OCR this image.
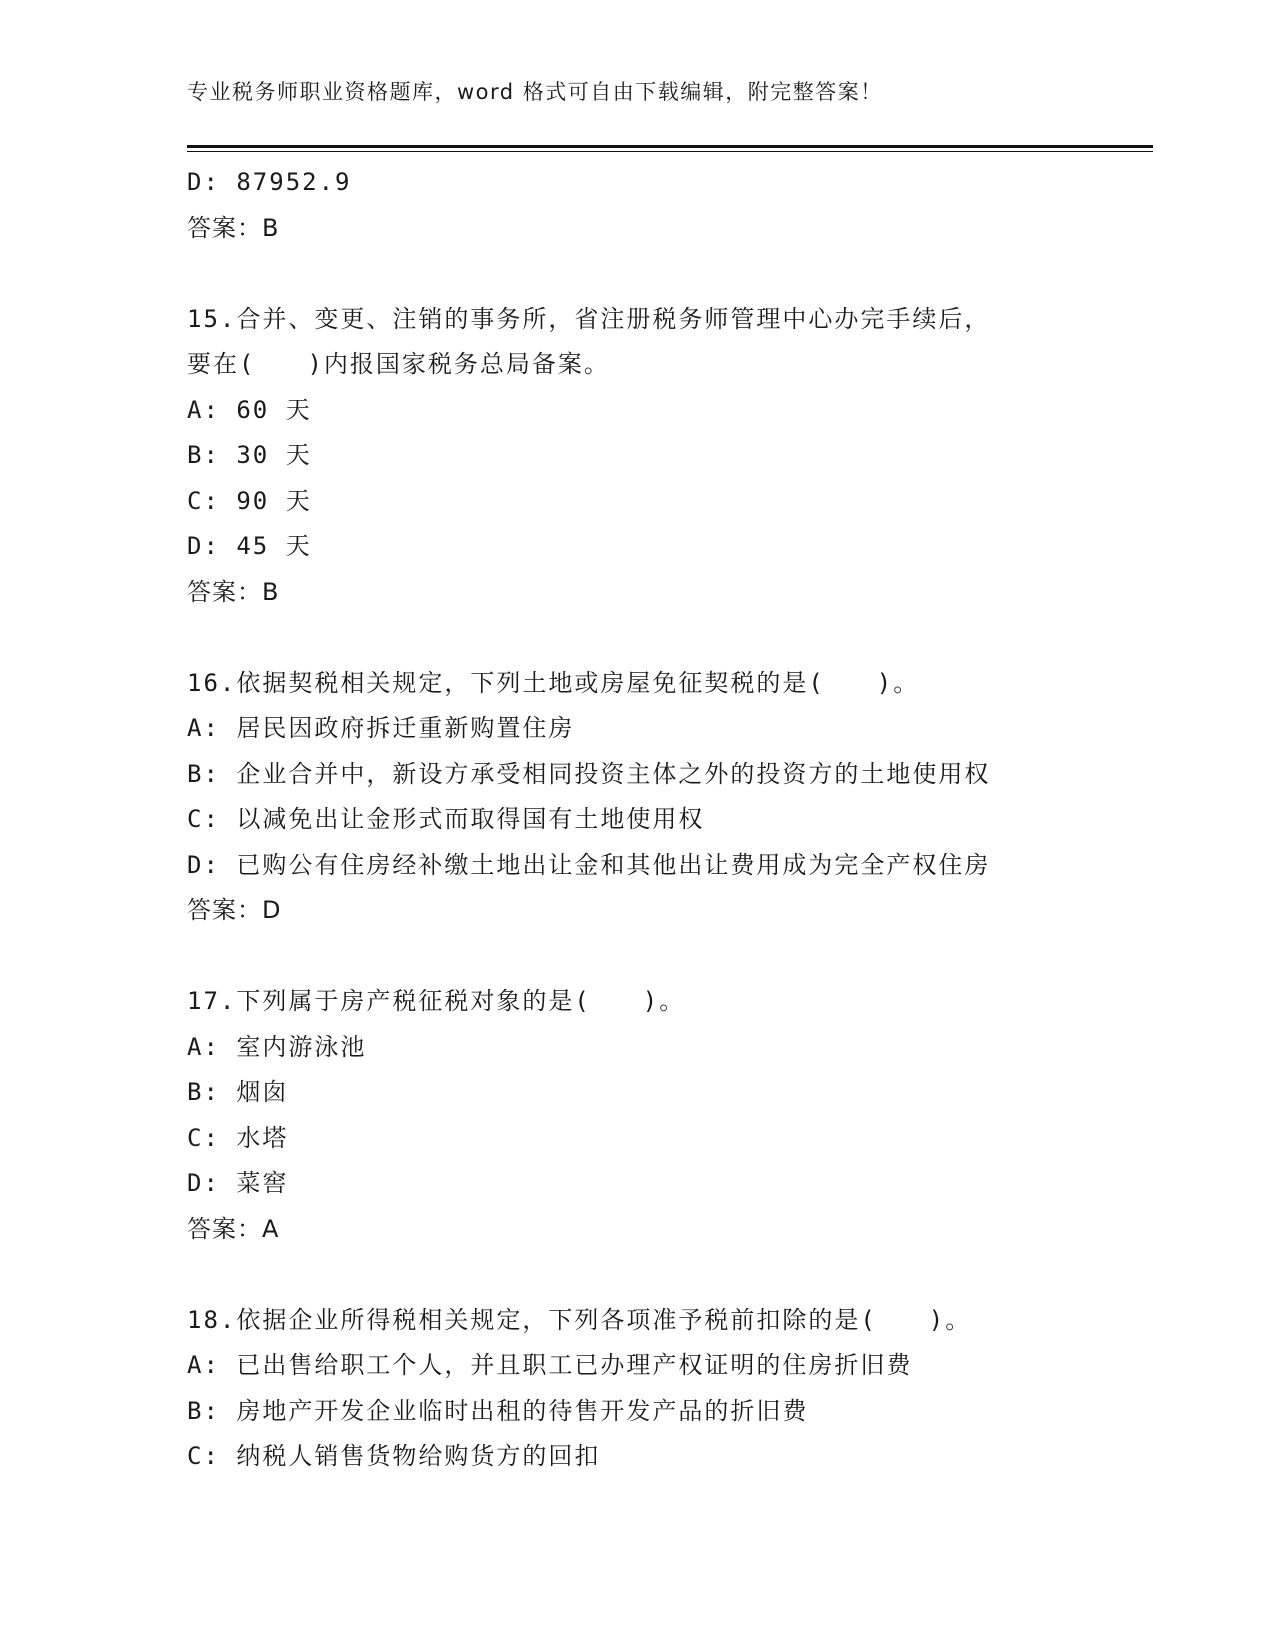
专业税务师职业资格题库，word 格式可自由下载编辑，附完整答案！
D: 87952.9
答案：B
15.合并、变更、注销的事务所，省注册税务师管理中心办完手续后，
要在(　　)内报国家税务总局备案。
A: 60 天
B: 30 天
C: 90 天
D: 45 天
答案：B
16.依据契税相关规定，下列土地或房屋免征契税的是(　　)。
A: 居民因政府拆迁重新购置住房
B: 企业合并中，新设方承受相同投资主体之外的投资方的土地使用权
C: 以减免出让金形式而取得国有土地使用权
D: 已购公有住房经补缴土地出让金和其他出让费用成为完全产权住房
答案：D
17.下列属于房产税征税对象的是(　　)。
A: 室内游泳池
B: 烟囱
C: 水塔
D: 菜窖
答案：A
18.依据企业所得税相关规定，下列各项准予税前扣除的是(　　)。
A: 已出售给职工个人，并且职工已办理产权证明的住房折旧费
B: 房地产开发企业临时出租的待售开发产品的折旧费
C: 纳税人销售货物给购货方的回扣
